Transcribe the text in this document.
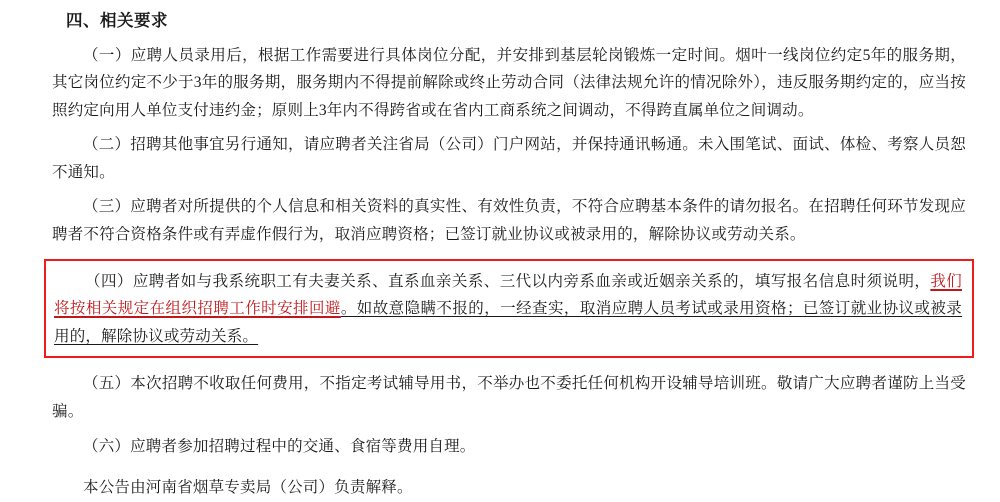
四、相关要求

（一）应聘人员录用后，根据工作需要进行具体岗位分配，并安排到基层轮岗锻炼一定时间。烟叶一线岗位约定5年的服务期，其它岗位约定不少于3年的服务期，服务期内不得提前解除或终止劳动合同（法律法规允许的情况除外），违反服务期约定的，应当按照约定向用人单位支付违约金；原则上3年内不得跨省或在省内工商系统之间调动，不得跨直属单位之间调动。

（二）招聘其他事宜另行通知，请应聘者关注省局（公司）门户网站，并保持通讯畅通。未入围笔试、面试、体检、考察人员恕不通知。

（三）应聘者对所提供的个人信息和相关资料的真实性、有效性负责，不符合应聘基本条件的请勿报名。在招聘任何环节发现应聘者不符合资格条件或有弄虚作假行为，取消应聘资格；已签订就业协议或被录用的，解除协议或劳动关系。

（四）应聘者如与我系统职工有夫妻关系、直系血亲关系、三代以内旁系血亲或近姻亲关系的，填写报名信息时须说明，我们将按相关规定在组织招聘工作时安排回避。如故意隐瞒不报的，一经查实，取消应聘人员考试或录用资格；已签订就业协议或被录用的，解除协议或劳动关系。

（五）本次招聘不收取任何费用，不指定考试辅导用书，不举办也不委托任何机构开设辅导培训班。敬请广大应聘者谨防上当受骗。

（六）应聘者参加招聘过程中的交通、食宿等费用自理。

本公告由河南省烟草专卖局（公司）负责解释。
